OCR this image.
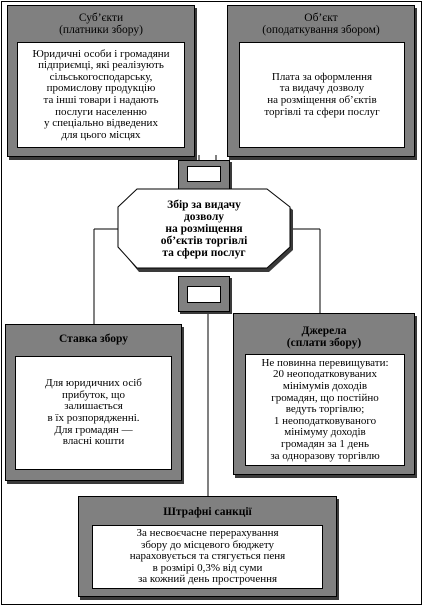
Суб’єкти
(платники збору)
Юридичні особи і громадяни
підприємці, які реалізують
сільськогосподарську,
промислову продукцію
та інші товари і надають
послуги населенню
у спеціально відведених
для цього місцях
Об’єкт
(оподаткування збором)
Плата за оформлення
та видачу дозволу
на розміщення об’єктів
торгівлі та сфери послуг
Збір за видачу
дозволу
на розміщення
об’єктів торгівлі
та сфери послуг
Ставка збору
Для юридичних осіб
прибуток, що
залишається
в їх розпорядженні.
Для громадян —
власні кошти
Джерела
(сплати збору)
Не повинна перевищувати:
20 неоподатковуваних
мінімумів доходів
громадян, що постійно
ведуть торгівлю;
1 неоподатковуваного
мінімуму доходів
громадян за 1 день
за одноразову торгівлю
Штрафні санкції
За несвоєчасне перерахування
збору до місцевого бюджету
нараховується та стягується пеня
в розмірі 0,3% від суми
за кожний день прострочення
